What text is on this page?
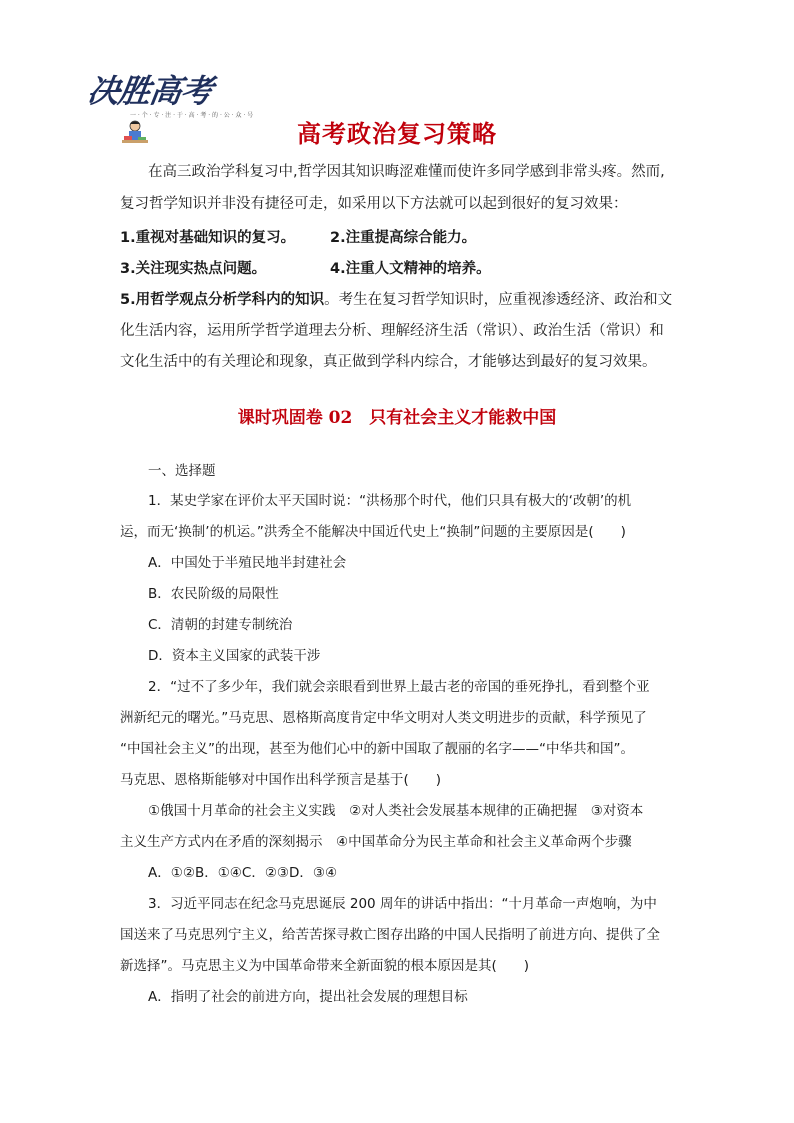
决胜高考
一 · 个 · 专 · 注 · 于 · 高 · 考 · 的 · 公 · 众 · 号
高考政治复习策略
在高三政治学科复习中,哲学因其知识晦涩难懂而使许多同学感到非常头疼。然而,
复习哲学知识并非没有捷径可走，如采用以下方法就可以起到很好的复习效果：
1.重视对基础知识的复习。	2.注重提高综合能力。
3.关注现实热点问题。	4.注重人文精神的培养。
5.用哲学观点分析学科内的知识。考生在复习哲学知识时，应重视渗透经济、政治和文
化生活内容，运用所学哲学道理去分析、理解经济生活（常识）、政治生活（常识）和
文化生活中的有关理论和现象，真正做到学科内综合，才能够达到最好的复习效果。
课时巩固卷 02　只有社会主义才能救中国
一、选择题
1．某史学家在评价太平天国时说：“洪杨那个时代，他们只具有极大的‘改朝’的机
运，而无‘换制’的机运。”洪秀全不能解决中国近代史上“换制”问题的主要原因是(　　)
A．中国处于半殖民地半封建社会
B．农民阶级的局限性
C．清朝的封建专制统治
D．资本主义国家的武装干涉
2．“过不了多少年，我们就会亲眼看到世界上最古老的帝国的垂死挣扎，看到整个亚
洲新纪元的曙光。”马克思、恩格斯高度肯定中华文明对人类文明进步的贡献，科学预见了
“中国社会主义”的出现，甚至为他们心中的新中国取了靓丽的名字——“中华共和国”。
马克思、恩格斯能够对中国作出科学预言是基于(　　)
①俄国十月革命的社会主义实践　②对人类社会发展基本规律的正确把握　③对资本
主义生产方式内在矛盾的深刻揭示　④中国革命分为民主革命和社会主义革命两个步骤
A．①②B．①④C．②③D．③④
3．习近平同志在纪念马克思诞辰 200 周年的讲话中指出：“十月革命一声炮响，为中
国送来了马克思列宁主义，给苦苦探寻救亡图存出路的中国人民指明了前进方向、提供了全
新选择”。马克思主义为中国革命带来全新面貌的根本原因是其(　　)
A．指明了社会的前进方向，提出社会发展的理想目标
